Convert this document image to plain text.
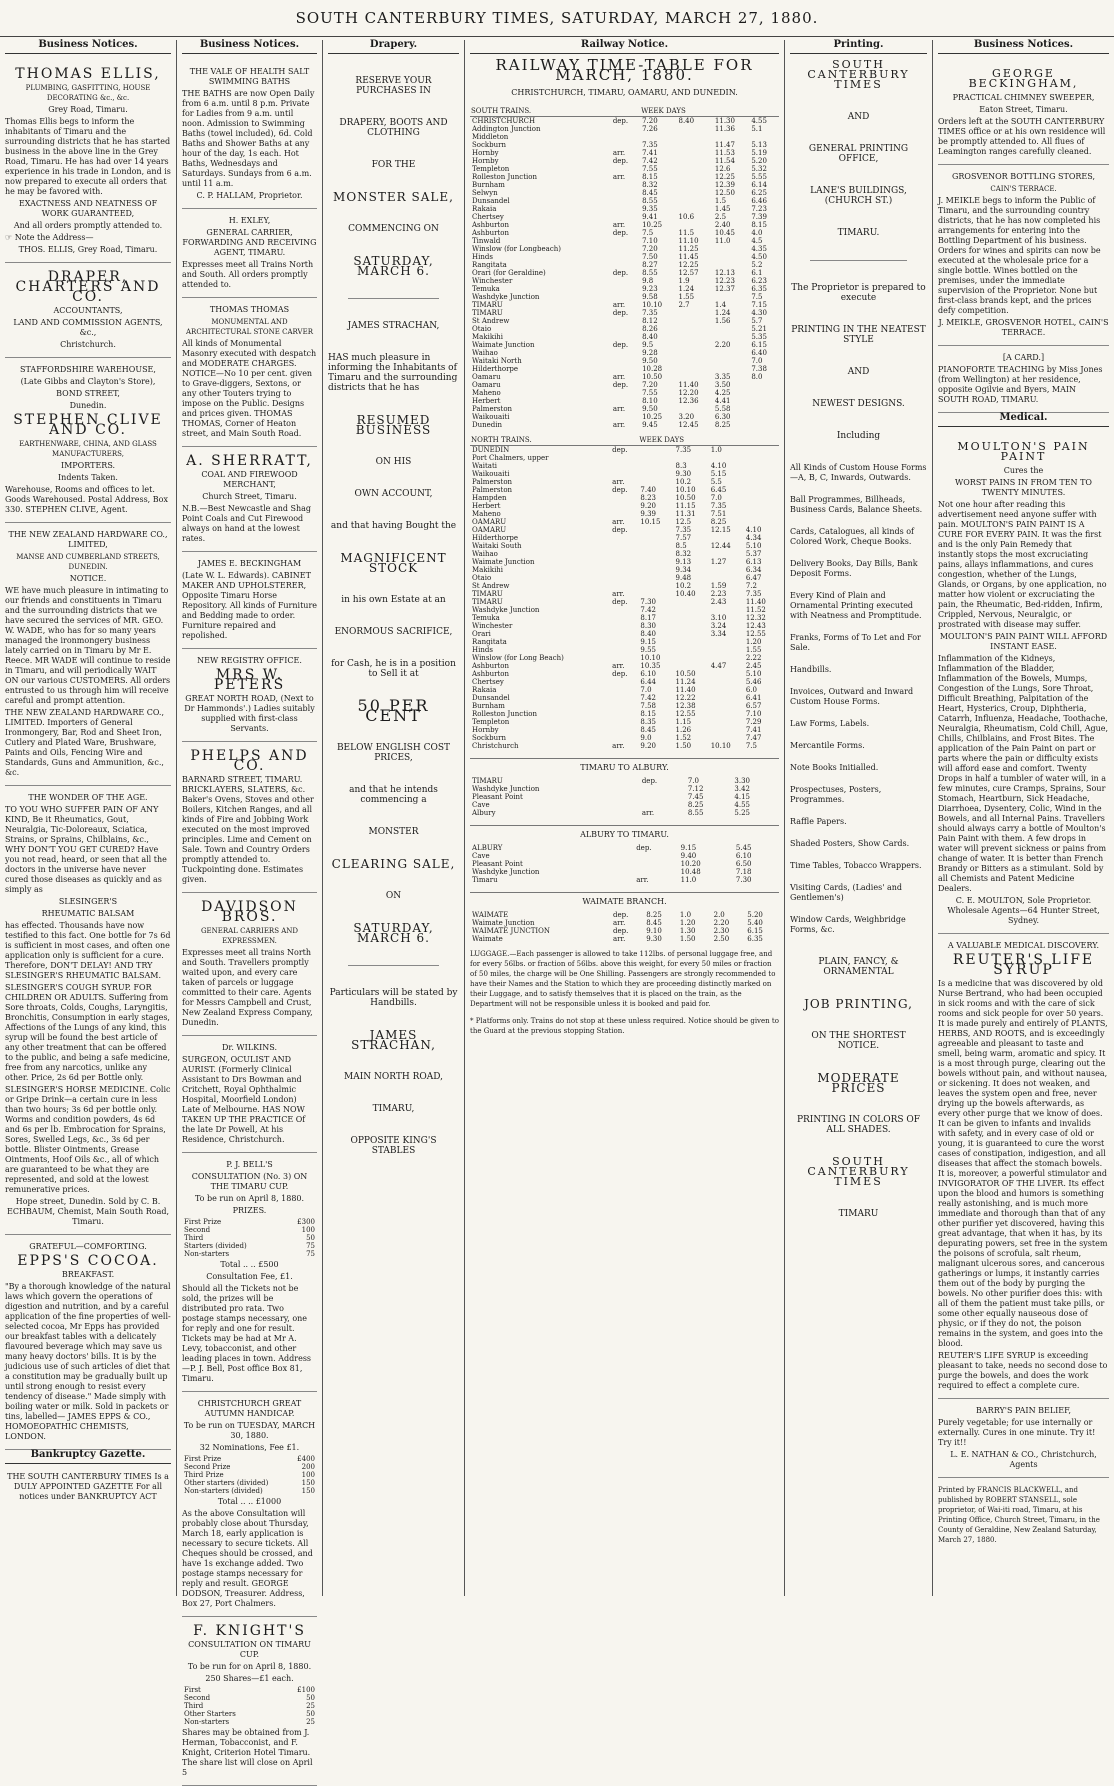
SOUTH CANTERBURY TIMES, SATURDAY, MARCH 27, 1880.
Business Notices.
THOMAS ELLIS,

PLUMBING, GASFITTING, HOUSE DECORATING &c., &c.

Grey Road, Timaru.

Thomas Ellis begs to inform the inhabitants of Timaru and the surrounding districts that he has started business in the above line in the Grey Road, Timaru. He has had over 14 years experience in his trade in London, and is now prepared to execute all orders that he may be favored with.

EXACTNESS AND NEATNESS OF WORK GUARANTEED,

And all orders promptly attended to.

☞ Note the Address—

THOS. ELLIS, Grey Road, Timaru.

DRAPER, CHARTERS AND CO.

ACCOUNTANTS,

LAND AND COMMISSION AGENTS, &c.,

Christchurch.

STAFFORDSHIRE WAREHOUSE,

(Late Gibbs and Clayton's Store),

BOND STREET,

Dunedin.

STEPHEN CLIVE AND CO.

EARTHENWARE, CHINA, AND GLASS MANUFACTURERS,

IMPORTERS.

Indents Taken.

Warehouse, Rooms and offices to let. Goods Warehoused. Postal Address, Box 330. STEPHEN CLIVE, Agent.

THE NEW ZEALAND HARDWARE CO., LIMITED,

MANSE AND CUMBERLAND STREETS, DUNEDIN.

NOTICE.

WE have much pleasure in intimating to our friends and constituents in Timaru and the surrounding districts that we have secured the services of MR. GEO. W. WADE, who has for so many years managed the ironmongery business lately carried on in Timaru by Mr E. Reece. MR WADE will continue to reside in Timaru, and will periodically WAIT ON our various CUSTOMERS. All orders entrusted to us through him will receive careful and prompt attention.

THE NEW ZEALAND HARDWARE CO., LIMITED. Importers of General Ironmongery, Bar, Rod and Sheet Iron, Cutlery and Plated Ware, Brushware, Paints and Oils, Fencing Wire and Standards, Guns and Ammunition, &c., &c.

THE WONDER OF THE AGE.

TO YOU WHO SUFFER PAIN OF ANY KIND, Be it Rheumatics, Gout, Neuralgia, Tic-Doloreaux, Sciatica, Strains, or Sprains, Chilblains, &c., WHY DON'T YOU GET CURED? Have you not read, heard, or seen that all the doctors in the universe have never cured those diseases as quickly and as simply as

SLESINGER'S

RHEUMATIC BALSAM

has effected. Thousands have now testified to this fact. One bottle for 7s 6d is sufficient in most cases, and often one application only is sufficient for a cure. Therefore, DON'T DELAY! AND TRY SLESINGER'S RHEUMATIC BALSAM.

SLESINGER'S COUGH SYRUP. FOR CHILDREN OR ADULTS. Suffering from Sore throats, Colds, Coughs, Laryngitis, Bronchitis, Consumption in early stages, Affections of the Lungs of any kind, this syrup will be found the best article of any other treatment that can be offered to the public, and being a safe medicine, free from any narcotics, unlike any other. Price, 2s 6d per Bottle only.

SLESINGER'S HORSE MEDICINE. Colic or Gripe Drink—a certain cure in less than two hours; 3s 6d per bottle only. Worms and condition powders, 4s 6d and 6s per lb. Embrocation for Sprains, Sores, Swelled Legs, &c., 3s 6d per bottle. Blister Ointments, Grease Ointments, Hoof Oils &c., all of which are guaranteed to be what they are represented, and sold at the lowest remunerative prices.

Hope street, Dunedin. Sold by C. B. ECHBAUM, Chemist, Main South Road, Timaru.

GRATEFUL—COMFORTING.

EPPS'S COCOA.

BREAKFAST.

"By a thorough knowledge of the natural laws which govern the operations of digestion and nutrition, and by a careful application of the fine properties of well-selected cocoa, Mr Epps has provided our breakfast tables with a delicately flavoured beverage which may save us many heavy doctors' bills. It is by the judicious use of such articles of diet that a constitution may be gradually built up until strong enough to resist every tendency of disease." Made simply with boiling water or milk. Sold in packets or tins, labelled— JAMES EPPS & CO., HOMOEOPATHIC CHEMISTS, LONDON.

Bankruptcy Gazette.

THE SOUTH CANTERBURY TIMES Is a DULY APPOINTED GAZETTE For all notices under BANKRUPTCY ACT

Business Notices.

THE VALE OF HEALTH SALT SWIMMING BATHS

THE BATHS are now Open Daily from 6 a.m. until 8 p.m. Private for Ladies from 9 a.m. until noon. Admission to Swimming Baths (towel included), 6d. Cold Baths and Shower Baths at any hour of the day, 1s each. Hot Baths, Wednesdays and Saturdays. Sundays from 6 a.m. until 11 a.m.

C. P. HALLAM, Proprietor.

H. EXLEY,

GENERAL CARRIER, FORWARDING AND RECEIVING AGENT, TIMARU.

Expresses meet all Trains North and South. All orders promptly attended to.

THOMAS THOMAS

MONUMENTAL AND ARCHITECTURAL STONE CARVER

All kinds of Monumental Masonry executed with despatch and MODERATE CHARGES. NOTICE—No 10 per cent. given to Grave-diggers, Sextons, or any other Touters trying to impose on the Public. Designs and prices given. THOMAS THOMAS, Corner of Heaton street, and Main South Road.

A. SHERRATT,

COAL AND FIREWOOD MERCHANT,

Church Street, Timaru.

N.B.—Best Newcastle and Shag Point Coals and Cut Firewood always on hand at the lowest rates.

JAMES E. BECKINGHAM

(Late W. L. Edwards). CABINET MAKER AND UPHOLSTERER, Opposite Timaru Horse Repository. All kinds of Furniture and Bedding made to order. Furniture repaired and repolished.

NEW REGISTRY OFFICE.

MRS W. PETERS

GREAT NORTH ROAD, (Next to Dr Hammonds'.) Ladies suitably supplied with first-class Servants.

PHELPS AND CO.

BARNARD STREET, TIMARU. BRICKLAYERS, SLATERS, &c. Baker's Ovens, Stoves and other Boilers, Kitchen Ranges, and all kinds of Fire and Jobbing Work executed on the most improved principles. Lime and Cement on Sale. Town and Country Orders promptly attended to. Tuckpointing done. Estimates given.

DAVIDSON BROS.

GENERAL CARRIERS AND EXPRESSMEN.

Expresses meet all trains North and South. Travellers promptly waited upon, and every care taken of parcels or luggage committed to their care. Agents for Messrs Campbell and Crust, New Zealand Express Company, Dunedin.

Dr. WILKINS.

SURGEON, OCULIST AND AURIST. (Formerly Clinical Assistant to Drs Bowman and Critchett, Royal Ophthalmic Hospital, Moorfield London) Late of Melbourne. HAS NOW TAKEN UP THE PRACTICE Of the late Dr Powell, At his Residence, Christchurch.

P. J. BELL'S

CONSULTATION (No. 3) ON THE TIMARU CUP.

To be run on April 8, 1880.

PRIZES.

First Prize	£300
Second	100
Third	50
Starters (divided)	75
Non-starters	75

Total .. .. £500

Consultation Fee, £1.

Should all the Tickets not be sold, the prizes will be distributed pro rata. Two postage stamps necessary, one for reply and one for result. Tickets may be had at Mr A. Levy, tobacconist, and other leading places in town. Address—P. J. Bell, Post office Box 81, Timaru.

CHRISTCHURCH GREAT AUTUMN HANDICAP.

To be run on TUESDAY, MARCH 30, 1880.

32 Nominations, Fee £1.

First Prize	£400
Second Prize	200
Third Prize	100
Other starters (divided)	150
Non-starters (divided)	150

Total .. .. £1000

As the above Consultation will probably close about Thursday, March 18, early application is necessary to secure tickets. All Cheques should be crossed, and have 1s exchange added. Two postage stamps necessary for reply and result. GEORGE DODSON, Treasurer. Address, Box 27, Port Chalmers.

F. KNIGHT'S

CONSULTATION ON TIMARU CUP.

To be run for on April 8, 1880.

250 Shares—£1 each.

First	£100
Second	50
Third	25
Other Starters	50
Non-starters	25

Shares may be obtained from J. Herman, Tobacconist, and F. Knight, Criterion Hotel Timaru. The share list will close on April 5

Drapery.
RESERVE YOUR PURCHASES IN
DRAPERY, BOOTS AND CLOTHING
FOR THE
MONSTER SALE,
COMMENCING ON
SATURDAY, MARCH 6.
JAMES STRACHAN,
HAS much pleasure in informing the Inhabitants of Timaru and the surrounding districts that he has
RESUMED BUSINESS
ON HIS
OWN ACCOUNT,
and that having Bought the
MAGNIFICENT STOCK
in his own Estate at an
ENORMOUS SACRIFICE,
for Cash, he is in a position to Sell it at
50 PER CENT
BELOW ENGLISH COST PRICES,
and that he intends commencing a
MONSTER
CLEARING SALE,
ON
SATURDAY, MARCH 6.
Particulars will be stated by Handbills.
JAMES STRACHAN,
MAIN NORTH ROAD,
TIMARU,
OPPOSITE KING'S STABLES
Railway Notice.
RAILWAY TIME-TABLE FOR MARCH, 1880.

CHRISTCHURCH, TIMARU, OAMARU, AND DUNEDIN.

SOUTH TRAINS.		WEEK DAYS			
CHRISTCHURCH	dep.	7.20	8.40	11.30	4.55
Addington Junction		7.26		11.36	5.1
Middleton					
Sockburn		7.35		11.47	5.13
Hornby	arr.	7.41		11.53	5.19
Hornby	dep.	7.42		11.54	5.20
Templeton		7.55		12.6	5.32
Rolleston Junction	arr.	8.15		12.25	5.55
Burnham		8.32		12.39	6.14
Selwyn		8.45		12.50	6.25
Dunsandel		8.55		1.5	6.46
Rakaia		9.35		1.45	7.23
Chertsey		9.41	10.6	2.5	7.39
Ashburton	arr.	10.25		2.40	8.15
Ashburton	dep.	7.5	11.5	10.45	4.0
Tinwald		7.10	11.10	11.0	4.5
Winslow (for Longbeach)		7.20	11.25		4.35
Hinds		7.50	11.45		4.50
Rangitata		8.27	12.25		5.2
Orari (for Geraldine)	dep.	8.55	12.57	12.13	6.1
Winchester		9.8	1.9	12.23	6.23
Temuka		9.23	1.24	12.37	6.35
Washdyke Junction		9.58	1.55		7.5
TIMARU	arr.	10.10	2.7	1.4	7.15
TIMARU	dep.	7.35		1.24	4.30
St Andrew		8.12		1.56	5.7
Otaio		8.26			5.21
Makikihi		8.40			5.35
Waimate Junction	dep.	9.5		2.20	6.15
Waihao		9.28			6.40
Waitaki North		9.50			7.0
Hilderthorpe		10.28			7.38
Oamaru	arr.	10.50		3.35	8.0
Oamaru	dep.	7.20	11.40	3.50	
Maheno		7.55	12.20	4.25	
Herbert		8.10	12.36	4.41	
Palmerston	arr.	9.50		5.58	
Waikouaiti		10.25	3.20	6.30	
Dunedin	arr.	9.45	12.45	8.25	
NORTH TRAINS.		WEEK DAYS			
DUNEDIN	dep.		7.35	1.0	
Port Chalmers, upper					
Waitati			8.3	4.10	
Waikouaiti			9.30	5.15	
Palmerston	arr.		10.2	5.5	
Palmerston	dep.	7.40	10.10	6.45	
Hampden		8.23	10.50	7.0	
Herbert		9.20	11.15	7.35	
Maheno		9.39	11.31	7.51	
OAMARU	arr.	10.15	12.5	8.25	
OAMARU	dep.		7.35	12.15	4.10
Hilderthorpe			7.57		4.34
Waitaki South			8.5	12.44	5.10
Waihao			8.32		5.37
Waimate Junction			9.13	1.27	6.13
Makikihi			9.34		6.34
Otaio			9.48		6.47
St Andrew			10.2	1.59	7.2
TIMARU	arr.		10.40	2.23	7.35
TIMARU	dep.	7.30		2.43	11.40
Washdyke Junction		7.42			11.52
Temuka		8.17		3.10	12.32
Winchester		8.30		3.24	12.43
Orari		8.40		3.34	12.55
Rangitata		9.15			1.20
Hinds		9.55			1.55
Winslow (for Long Beach)		10.10			2.22
Ashburton	arr.	10.35		4.47	2.45
Ashburton	dep.	6.10	10.50		5.10
Chertsey		6.44	11.24		5.46
Rakaia		7.0	11.40		6.0
Dunsandel		7.42	12.22		6.41
Burnham		7.58	12.38		6.57
Rolleston Junction		8.15	12.55		7.10
Templeton		8.35	1.15		7.29
Hornby		8.45	1.26		7.41
Sockburn		9.0	1.52		7.47
Christchurch	arr.	9.20	1.50	10.10	7.5
TIMARU TO ALBURY.
TIMARU	dep.	7.0	3.30
Washdyke Junction		7.12	3.42
Pleasant Point		7.45	4.15
Cave		8.25	4.55
Albury	arr.	8.55	5.25
ALBURY TO TIMARU.
ALBURY	dep.	9.15	5.45
Cave		9.40	6.10
Pleasant Point		10.20	6.50
Washdyke Junction		10.48	7.18
Timaru	arr.	11.0	7.30
WAIMATE BRANCH.
WAIMATE	dep.	8.25	1.0	2.0	5.20
Waimate Junction	arr.	8.45	1.20	2.20	5.40
WAIMATE JUNCTION	dep.	9.10	1.30	2.30	6.15
Waimate	arr.	9.30	1.50	2.50	6.35

LUGGAGE.—Each passenger is allowed to take 112lbs. of personal luggage free, and for every 56lbs. or fraction of 56lbs. above this weight, for every 50 miles or fraction of 50 miles, the charge will be One Shilling. Passengers are strongly recommended to have their Names and the Station to which they are proceeding distinctly marked on their Luggage, and to satisfy themselves that it is placed on the train, as the Department will not be responsible unless it is booked and paid for.

* Platforms only. Trains do not stop at these unless required. Notice should be given to the Guard at the previous stopping Station.

Printing.
SOUTH CANTERBURY TIMES
AND
GENERAL PRINTING OFFICE,
LANE'S BUILDINGS, (CHURCH ST.)
TIMARU.
The Proprietor is prepared to execute
PRINTING IN THE NEATEST STYLE
AND
NEWEST DESIGNS.
Including
All Kinds of Custom House Forms—A, B, C, Inwards, Outwards.
Ball Programmes, Billheads, Business Cards, Balance Sheets.
Cards, Catalogues, all kinds of Colored Work, Cheque Books.
Delivery Books, Day Bills, Bank Deposit Forms.
Every Kind of Plain and Ornamental Printing executed with Neatness and Promptitude.
Franks, Forms of To Let and For Sale.
Handbills.
Invoices, Outward and Inward Custom House Forms.
Law Forms, Labels.
Mercantile Forms.
Note Books Initialled.
Prospectuses, Posters, Programmes.
Raffle Papers.
Shaded Posters, Show Cards.
Time Tables, Tobacco Wrappers.
Visiting Cards, (Ladies' and Gentlemen's)
Window Cards, Weighbridge Forms, &c.
PLAIN, FANCY, & ORNAMENTAL
JOB PRINTING,
ON THE SHORTEST NOTICE.
MODERATE PRICES
PRINTING IN COLORS OF ALL SHADES.
SOUTH CANTERBURY TIMES
TIMARU
Business Notices.
GEORGE BECKINGHAM,

PRACTICAL CHIMNEY SWEEPER,

Eaton Street, Timaru.

Orders left at the SOUTH CANTERBURY TIMES office or at his own residence will be promptly attended to. All flues of Leamington ranges carefully cleaned.

GROSVENOR BOTTLING STORES,

CAIN'S TERRACE.

J. MEIKLE begs to inform the Public of Timaru, and the surrounding country districts, that he has now completed his arrangements for entering into the Bottling Department of his business. Orders for wines and spirits can now be executed at the wholesale price for a single bottle. Wines bottled on the premises, under the immediate supervision of the Proprietor. None but first-class brands kept, and the prices defy competition.

J. MEIKLE, GROSVENOR HOTEL, CAIN'S TERRACE.

[A CARD.]

PIANOFORTE TEACHING by Miss Jones (from Wellington) at her residence, opposite Ogilvie and Byers, MAIN SOUTH ROAD, TIMARU.

Medical.
MOULTON'S PAIN PAINT

Cures the

WORST PAINS IN FROM TEN TO TWENTY MINUTES.

Not one hour after reading this advertisement need anyone suffer with pain. MOULTON'S PAIN PAINT IS A CURE FOR EVERY PAIN. It was the first and is the only Pain Remedy that instantly stops the most excruciating pains, allays inflammations, and cures congestion, whether of the Lungs, Glands, or Organs, by one application, no matter how violent or excruciating the pain, the Rheumatic, Bed-ridden, Infirm, Crippled, Nervous, Neuralgic, or prostrated with disease may suffer.

MOULTON'S PAIN PAINT WILL AFFORD INSTANT EASE.

Inflammation of the Kidneys, Inflammation of the Bladder, Inflammation of the Bowels, Mumps, Congestion of the Lungs, Sore Throat, Difficult Breathing, Palpitation of the Heart, Hysterics, Croup, Diphtheria, Catarrh, Influenza, Headache, Toothache, Neuralgia, Rheumatism, Cold Chill, Ague, Chills, Chilblains, and Frost Bites. The application of the Pain Paint on part or parts where the pain or difficulty exists will afford ease and comfort. Twenty Drops in half a tumbler of water will, in a few minutes, cure Cramps, Sprains, Sour Stomach, Heartburn, Sick Headache, Diarrhoea, Dysentery, Colic, Wind in the Bowels, and all Internal Pains. Travellers should always carry a bottle of Moulton's Pain Paint with them. A few drops in water will prevent sickness or pains from change of water. It is better than French Brandy or Bitters as a stimulant. Sold by all Chemists and Patent Medicine Dealers.

C. E. MOULTON, Sole Proprietor. Wholesale Agents—64 Hunter Street, Sydney.

A VALUABLE MEDICAL DISCOVERY.

REUTER'S LIFE SYRUP

Is a medicine that was discovered by old Nurse Bertrand, who had been occupied in sick rooms and with the care of sick rooms and sick people for over 50 years. It is made purely and entirely of PLANTS, HERBS, AND ROOTS, and is exceedingly agreeable and pleasant to taste and smell, being warm, aromatic and spicy. It is a most through purge, clearing out the bowels without pain, and without nausea, or sickening. It does not weaken, and leaves the system open and free, never drying up the bowels afterwards, as every other purge that we know of does. It can be given to infants and invalids with safety, and in every case of old or young, it is guaranteed to cure the worst cases of constipation, indigestion, and all diseases that affect the stomach bowels. It is, moreover, a powerful stimulator and INVIGORATOR OF THE LIVER. Its effect upon the blood and humors is something really astonishing, and is much more immediate and thorough than that of any other purifier yet discovered, having this great advantage, that when it has, by its depurating powers, set free in the system the poisons of scrofula, salt rheum, malignant ulcerous sores, and cancerous gatherings or lumps, it instantly carries them out of the body by purging the bowels. No other purifier does this: with all of them the patient must take pills, or some other equally nauseous dose of physic, or if they do not, the poison remains in the system, and goes into the blood.

REUTER'S LIFE SYRUP is exceeding pleasant to take, needs no second dose to purge the bowels, and does the work required to effect a complete cure.

BARRY'S PAIN BELIEF,

Purely vegetable; for use internally or externally. Cures in one minute. Try it! Try it!!

L. E. NATHAN & CO., Christchurch, Agents

Printed by FRANCIS BLACKWELL, and published by ROBERT STANSELL, sole proprietor, of Wai-iti road, Timaru, at his Printing Office, Church Street, Timaru, in the County of Geraldine, New Zealand Saturday, March 27, 1880.
